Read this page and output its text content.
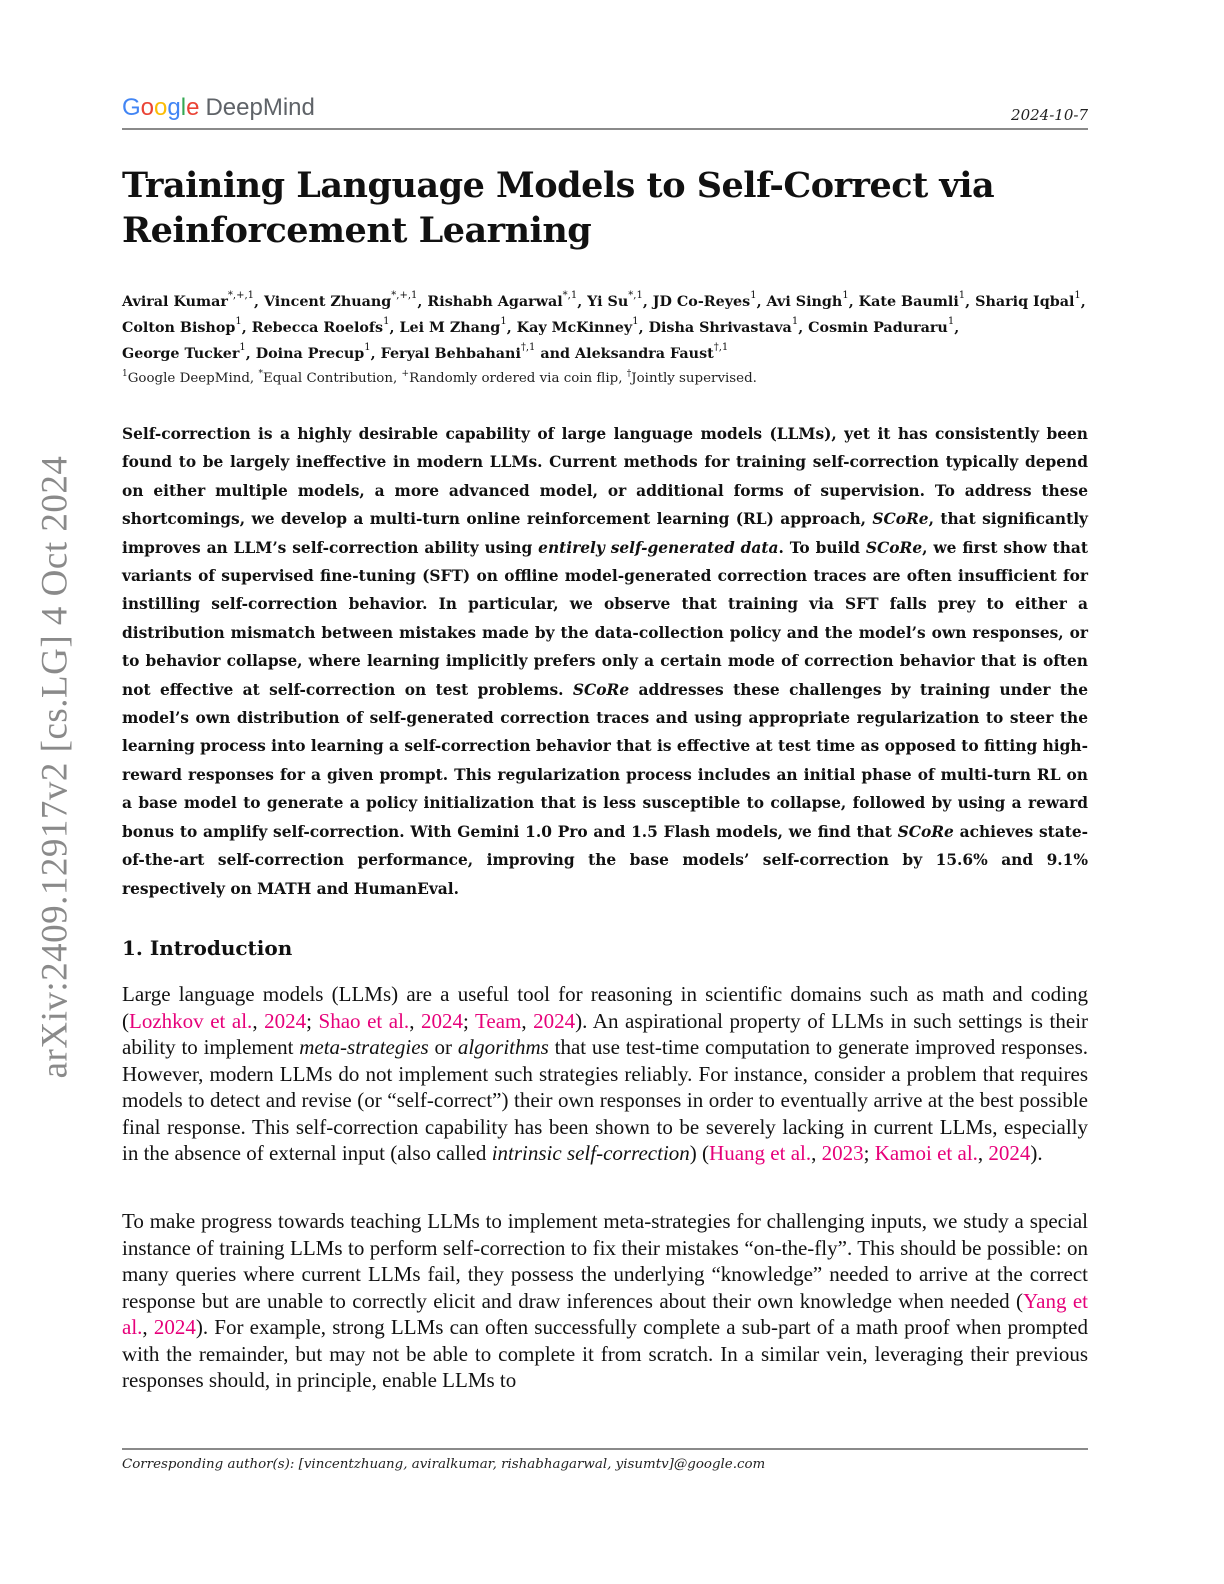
Google DeepMind	2024-10-7
arXiv:2409.12917v2 [cs.LG] 4 Oct 2024
Training Language Models to Self-Correct via Reinforcement Learning
Aviral Kumar$^{*,+,1}$, Vincent Zhuang$^{*,+,1}$, Rishabh Agarwal$^{*,1}$, Yi $Su^{*,1}$, JD Co-Reyes$^1$, Avi Singh$^1$, Kate Baumli$^1$, Shariq Iqbal$^1$, Colton Bishop$^1$, Rebecca Roelofs$^1$, Lei M Zhang$^1$, Kay McKinney$^1$, Disha Shrivastava$^1$, Cosmin Paduraru$^1$, George Tucker$^1$, Doina Precup$^1$, Feryal Behbahani$^{\dagger,1}$ and Aleksandra Faust$^{\dagger,1}$
$^1$Google DeepMind, *Equal Contribution, +Randomly ordered via coin flip, †Jointly supervised.
Self-correction is a highly desirable capability of large language models (LLMs), yet it has consistently been found to be largely ineffective in modern LLMs. Current methods for training self-correction typically depend on either multiple models, a more advanced model, or additional forms of supervision. To address these shortcomings, we develop a multi-turn online reinforcement learning (RL) approach, SCoRe, that significantly improves an LLM’s self-correction ability using entirely self-generated data. To build SCoRe, we first show that variants of supervised fine-tuning (SFT) on offline model-generated correction traces are often insufficient for instilling self-correction behavior. In particular, we observe that training via SFT falls prey to either a distribution mismatch between mistakes made by the data-collection policy and the model’s own responses, or to behavior collapse, where learning implicitly prefers only a certain mode of correction behavior that is often not effective at self-correction on test problems. SCoRe addresses these challenges by training under the model’s own distribution of self-generated correction traces and using appropriate regularization to steer the learning process into learning a self-correction behavior that is effective at test time as opposed to fitting high-reward responses for a given prompt. This regularization process includes an initial phase of multi-turn RL on a base model to generate a policy initialization that is less susceptible to collapse, followed by using a reward bonus to amplify self-correction. With Gemini 1.0 Pro and 1.5 Flash models, we find that SCoRe achieves state-of-the-art self-correction performance, improving the base models’ self-correction by 15.6% and 9.1% respectively on MATH and HumanEval.
1. Introduction
Large language models (LLMs) are a useful tool for reasoning in scientific domains such as math and coding (Lozhkov et al., 2024; Shao et al., 2024; Team, 2024). An aspirational property of LLMs in such settings is their ability to implement meta-strategies or algorithms that use test-time computation to generate improved responses. However, modern LLMs do not implement such strategies reliably. For instance, consider a problem that requires models to detect and revise (or “self-correct”) their own responses in order to eventually arrive at the best possible final response. This self-correction capability has been shown to be severely lacking in current LLMs, especially in the absence of external input (also called intrinsic self-correction) (Huang et al., 2023; Kamoi et al., 2024).
To make progress towards teaching LLMs to implement meta-strategies for challenging inputs, we study a special instance of training LLMs to perform self-correction to fix their mistakes “on-the-fly”. This should be possible: on many queries where current LLMs fail, they possess the underlying “knowledge” needed to arrive at the correct response but are unable to correctly elicit and draw inferences about their own knowledge when needed (Yang et al., 2024). For example, strong LLMs can often successfully complete a sub-part of a math proof when prompted with the remainder, but may not be able to complete it from scratch. In a similar vein, leveraging their previous responses should, in principle, enable LLMs to
Corresponding author(s): [vincentzhuang, aviralkumar, rishabhagarwal, yisumtv]@google.com
